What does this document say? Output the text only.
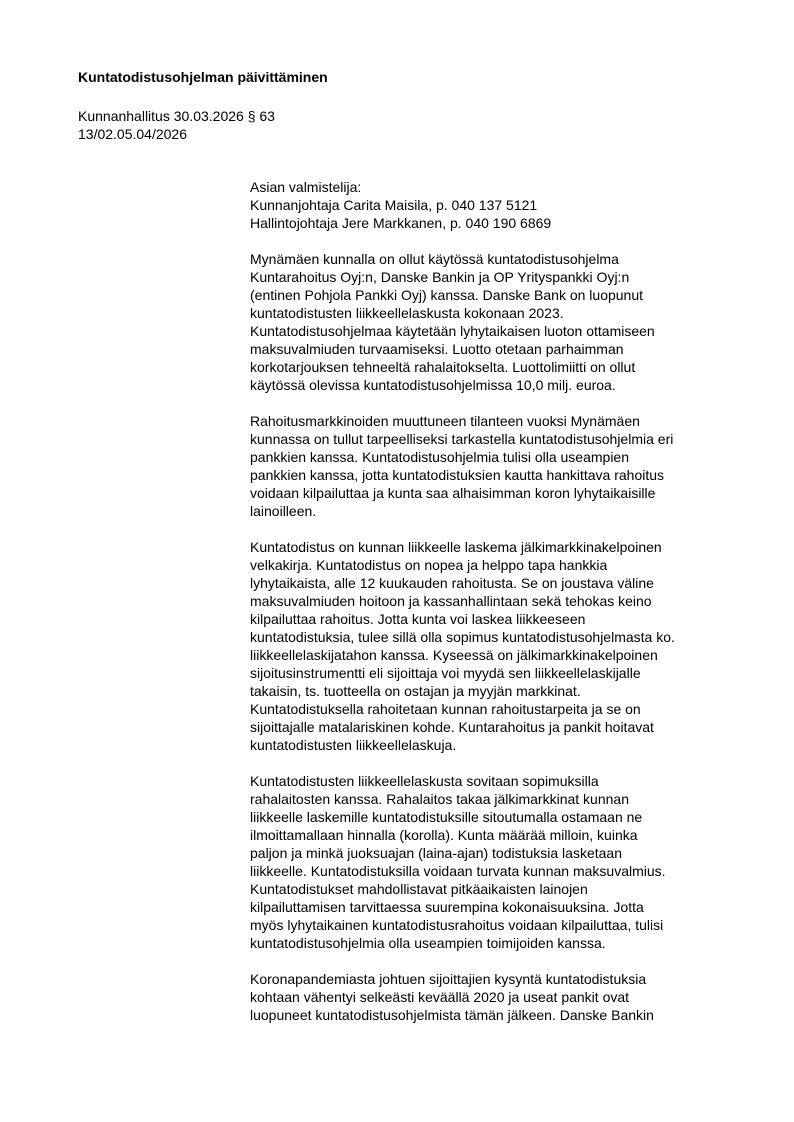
Kuntatodistusohjelman päivittäminen
Kunnanhallitus 30.03.2026 § 63
13/02.05.04/2026
Asian valmistelija:
Kunnanjohtaja Carita Maisila, p. 040 137 5121
Hallintojohtaja Jere Markkanen, p. 040 190 6869

Mynämäen kunnalla on ollut käytössä kuntatodistusohjelma
Kuntarahoitus Oyj:n, Danske Bankin ja OP Yrityspankki Oyj:n
(entinen Pohjola Pankki Oyj) kanssa. Danske Bank on luopunut
kuntatodistusten liikkeellelaskusta kokonaan 2023.
Kuntatodistusohjelmaa käytetään lyhytaikaisen luoton ottamiseen
maksuvalmiuden turvaamiseksi. Luotto otetaan parhaimman
korkotarjouksen tehneeltä rahalaitokselta. Luottolimiitti on ollut
käytössä olevissa kuntatodistusohjelmissa 10,0 milj. euroa.

Rahoitusmarkkinoiden muuttuneen tilanteen vuoksi Mynämäen
kunnassa on tullut tarpeelliseksi tarkastella kuntatodistusohjelmia eri
pankkien kanssa. Kuntatodistusohjelmia tulisi olla useampien
pankkien kanssa, jotta kuntatodistuksien kautta hankittava rahoitus
voidaan kilpailuttaa ja kunta saa alhaisimman koron lyhytaikaisille
lainoilleen.

Kuntatodistus on kunnan liikkeelle laskema jälkimarkkinakelpoinen
velkakirja. Kuntatodistus on nopea ja helppo tapa hankkia
lyhytaikaista, alle 12 kuukauden rahoitusta. Se on joustava väline
maksuvalmiuden hoitoon ja kassanhallintaan sekä tehokas keino
kilpailuttaa rahoitus. Jotta kunta voi laskea liikkeeseen
kuntatodistuksia, tulee sillä olla sopimus kuntatodistusohjelmasta ko.
liikkeellelaskijatahon kanssa. Kyseessä on jälkimarkkinakelpoinen
sijoitusinstrumentti eli sijoittaja voi myydä sen liikkeellelaskijalle
takaisin, ts. tuotteella on ostajan ja myyjän markkinat.
Kuntatodistuksella rahoitetaan kunnan rahoitustarpeita ja se on
sijoittajalle matalariskinen kohde. Kuntarahoitus ja pankit hoitavat
kuntatodistusten liikkeellelaskuja.

Kuntatodistusten liikkeellelaskusta sovitaan sopimuksilla
rahalaitosten kanssa. Rahalaitos takaa jälkimarkkinat kunnan
liikkeelle laskemille kuntatodistuksille sitoutumalla ostamaan ne
ilmoittamallaan hinnalla (korolla). Kunta määrää milloin, kuinka
paljon ja minkä juoksuajan (laina-ajan) todistuksia lasketaan
liikkeelle. Kuntatodistuksilla voidaan turvata kunnan maksuvalmius.
Kuntatodistukset mahdollistavat pitkäaikaisten lainojen
kilpailuttamisen tarvittaessa suurempina kokonaisuuksina. Jotta
myös lyhytaikainen kuntatodistusrahoitus voidaan kilpailuttaa, tulisi
kuntatodistusohjelmia olla useampien toimijoiden kanssa.

Koronapandemiasta johtuen sijoittajien kysyntä kuntatodistuksia
kohtaan vähentyi selkeästi keväällä 2020 ja useat pankit ovat
luopuneet kuntatodistusohjelmista tämän jälkeen. Danske Bankin
